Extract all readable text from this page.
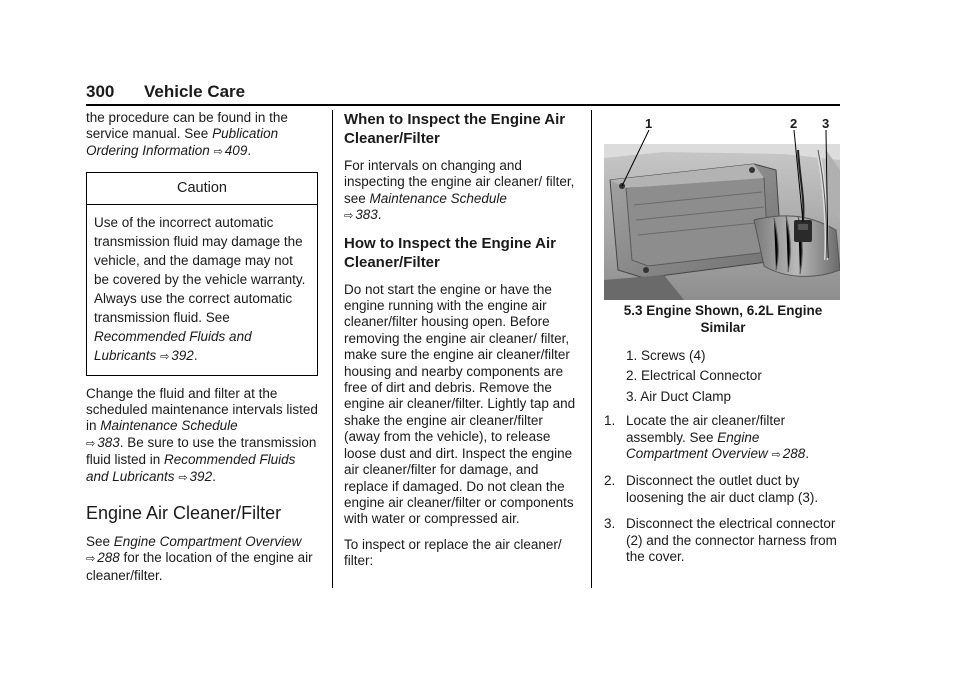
300 Vehicle Care

the procedure can be found in the service manual. See Publication Ordering Information ⇨ 409.

Caution
Use of the incorrect automatic transmission fluid may damage the vehicle, and the damage may not be covered by the vehicle warranty. Always use the correct automatic transmission fluid. See Recommended Fluids and Lubricants ⇨ 392.

Change the fluid and filter at the scheduled maintenance intervals listed in Maintenance Schedule
⇨ 383. Be sure to use the transmission fluid listed in Recommended Fluids and Lubricants ⇨ 392.

Engine Air Cleaner/Filter

See Engine Compartment Overview
⇨ 288 for the location of the engine air cleaner/filter.

When to Inspect the Engine Air Cleaner/Filter

For intervals on changing and inspecting the engine air cleaner/ filter, see Maintenance Schedule
⇨ 383.

How to Inspect the Engine Air Cleaner/Filter

Do not start the engine or have the engine running with the engine air cleaner/filter housing open. Before removing the engine air cleaner/ filter, make sure the engine air cleaner/filter housing and nearby components are free of dirt and debris. Remove the engine air cleaner/filter. Lightly tap and shake the engine air cleaner/filter (away from the vehicle), to release loose dust and dirt. Inspect the engine air cleaner/filter for damage, and replace if damaged. Do not clean the engine air cleaner/filter or components with water or compressed air.

To inspect or replace the air cleaner/ filter:

1	2 3
5.3 Engine Shown, 6.2L Engine Similar
1. Screws (4)
2. Electrical Connector
3. Air Duct Clamp
1. Locate the air cleaner/filter assembly. See Engine Compartment Overview ⇨ 288.
2. Disconnect the outlet duct by loosening the air duct clamp (3).
3. Disconnect the electrical connector (2) and the connector harness from the cover.
